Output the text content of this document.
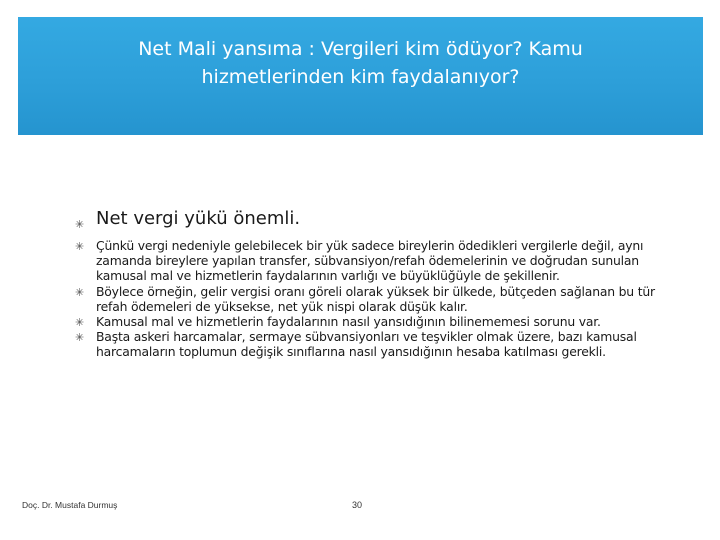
Net Mali yansıma : Vergileri kim ödüyor? Kamu
hizmetlerinden kim faydalanıyor?
✳ Net vergi yükü önemli.
✳ Çünkü vergi nedeniyle gelebilecek bir yük sadece bireylerin ödedikleri vergilerle değil, aynı zamanda bireylere yapılan transfer, sübvansiyon/refah ödemelerinin ve doğrudan sunulan kamusal mal ve hizmetlerin faydalarının varlığı ve büyüklüğüyle de şekillenir.
✳ Böylece örneğin, gelir vergisi oranı göreli olarak yüksek bir ülkede, bütçeden sağlanan bu tür refah ödemeleri de yüksekse, net yük nispi olarak düşük kalır.
✳ Kamusal mal ve hizmetlerin faydalarının nasıl yansıdığının bilinememesi sorunu var.
✳ Başta askeri harcamalar, sermaye sübvansiyonları ve teşvikler olmak üzere, bazı kamusal harcamaların toplumun değişik sınıflarına nasıl yansıdığının hesaba katılması gerekli.
Doç. Dr. Mustafa Durmuş	30
